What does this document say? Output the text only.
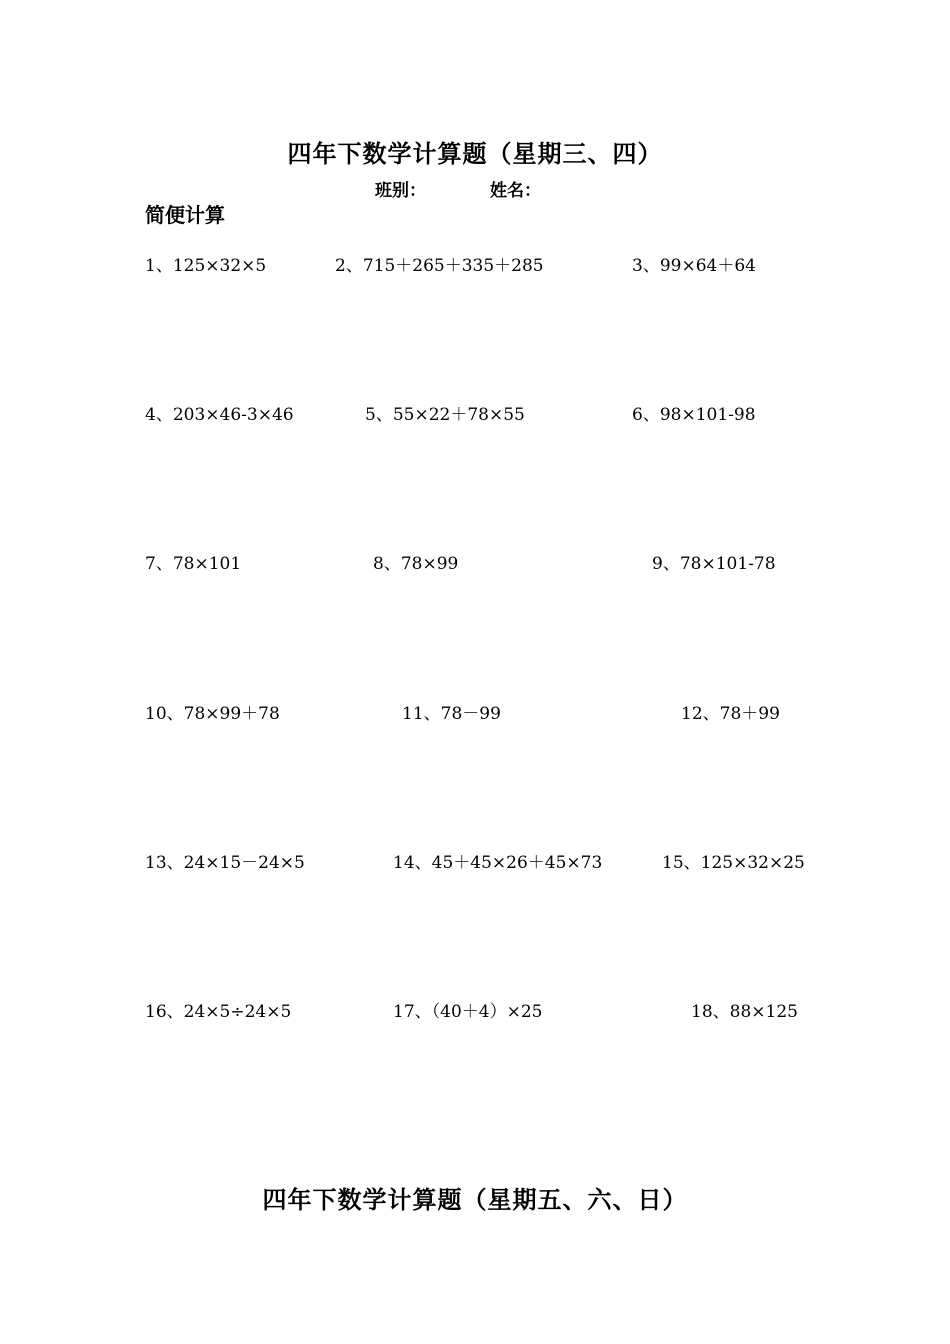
四年下数学计算题（星期三、四）
班别：	姓名：
简便计算
1、125×32×5	2、715＋265＋335＋285	3、99×64＋64
4、203×46-3×46	5、55×22＋78×55	6、98×101-98
7、78×101	8、78×99	9、78×101-78
10、78×99＋78	11、78－99	12、78＋99
13、24×15－24×5	14、45＋45×26＋45×73	15、125×32×25
16、24×5÷24×5	17、（40＋4）×25	18、88×125
四年下数学计算题（星期五、六、日）
